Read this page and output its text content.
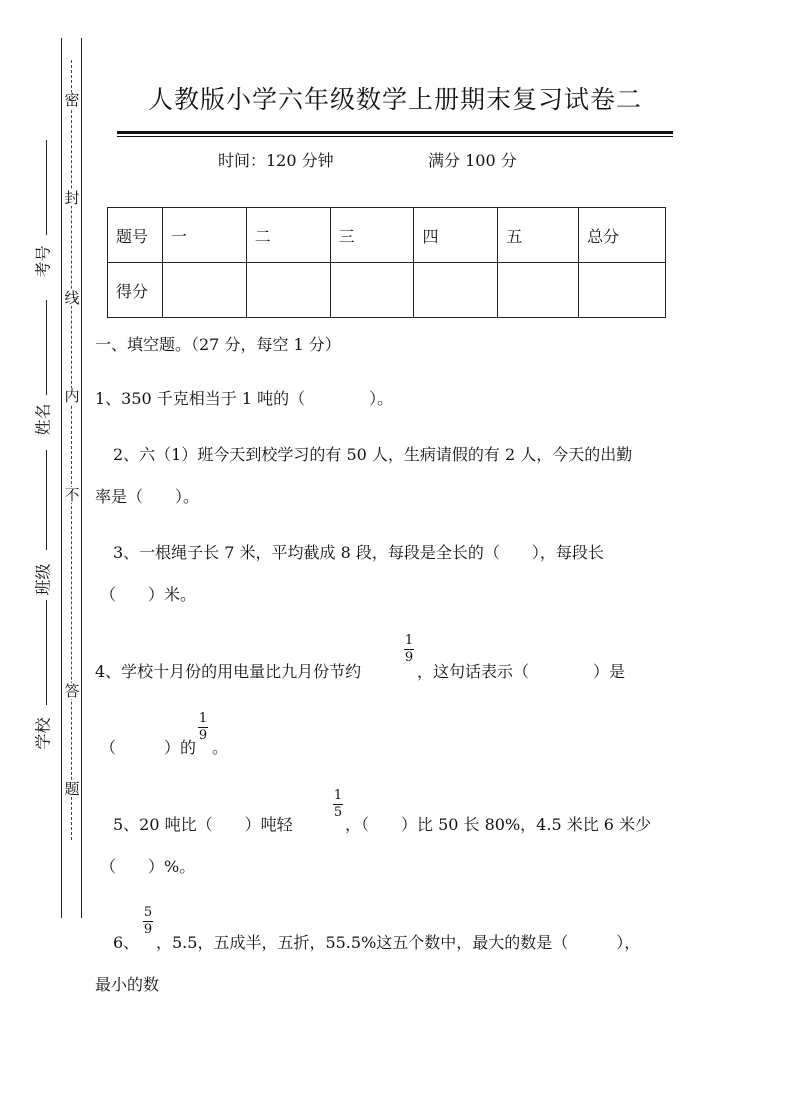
密
封
线
内
不
答
题
考号
姓名
班级
学校
人教版小学六年级数学上册期末复习试卷二
时间：120 分钟	满分 100 分
题号	一	二	三	四	五	总分
得分						
一、填空题。（27 分，每空 1 分）
1、350 千克相当于 1 吨的（　　　　）。
2、六（1）班今天到校学习的有 50 人，生病请假的有 2 人，今天的出勤
率是（　　）。
3、一根绳子长 7 米，平均截成 8 段，每段是全长的（　　），每段长
（　　）米。
4、学校十月份的用电量比九月份节约
1
9
，这句话表示（　　　　）是
（　　　）的
1
9
。
5、20 吨比（　　）吨轻
1
5
，（　　）比 50 长 80%，4.5 米比 6 米少
（　　）%。
6、
5
9
，5.5，五成半，五折，55.5%这五个数中，最大的数是（　　　），
最小的数
